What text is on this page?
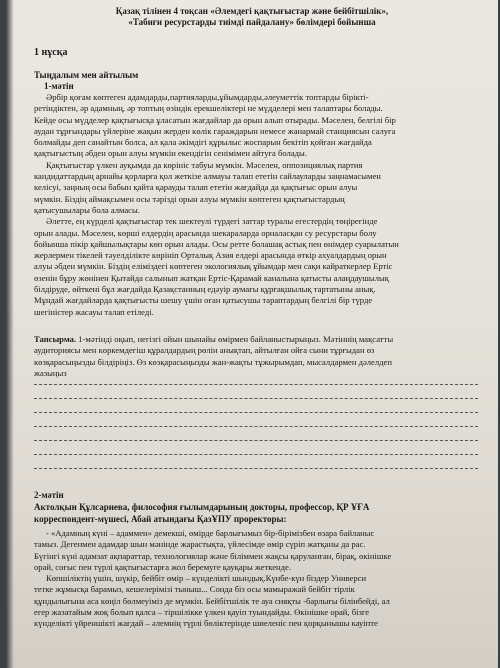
Қазақ тілінен 4 тоқсан «Әлемдегі қақтығыстар және бейбітшілік»,
«Табиғи ресурстарды тиімді пайдалану» бөлімдері бойынша
1 нұсқа
Тыңдалым мен айтылым
1-мәтін
Әрбір қоғам көптеген адамдарды,партияларды,ұйымдарды,әлеуметтік топтарды біріктi-
ретіндіктен, әр адамның, әр топтың өзіндік ерекшеліктері не мүдделері мен талаптары болады.
Кейде осы мүдделер қақтығысқа ұласатын жағдайлар да орын алып отырады. Мәселен, белгілі бір
аудан тұрғындары үйлеріне жақын жерден көлік гараждарын немесе жанармай станциясын салуға
болмайды деп санайтын болса, ал қала әкімдігі құрылыс жоспарын бекітіп қойған жағдайда
қақтығыстың әбден орын алуы мүмкін екендігін сенімімен айтуға болады.
Қақтығыстар үлкен ауқымда да көрініс табуы мүмкін. Мәселен, оппозициялық партия
кандидаттардың арнайы қорларға қол жеткізе алмауы талап ететін сайлауларды заңнамасымен
келісуі, заңның осы бабын қайта қарауды талап ететін жағдайда да қақтығыс орын алуы
мүмкін. Біздің аймақсымен осы тәрізді орын алуы мүмкін көптеген қақтығыстардың
қатысушылары бола алмасы.
Әлетте, ең күрделі қақтығыстар тек шектеулі түрдегі заттар туралы егестердің төңірегінде
орын алады. Мәселен, көрші елдердің арасында шекараларда орналасқан су ресурстары болу
бойынша пікір қайшылықтары көп орын алады. Осы ретте болашақ астық пен өнімдер суарылатын
жерлермен тікелей тәуелділікте көрініп Орталық Азия елдері арасында өткір ахуалдардың орын
алуы әбден мүмкін. Біздің еліміздегі көптеген экологиялық ұйымдар мен сақи кайраткерлер Ертіс
өзенін бұру жөнінен Қытайда салынып жатқан Ертіс-Қарамай каналына қатысты алаңдаушылық
білдіруде, өйткені бұл жағдайда Қазақстанның едәуір аумағы құрғақшылық тартатыны анық.
Мұндай жағдайларда қақтығысты шешу үшін оған қатысушы тараптардың белгілі бір түрде
шегіністер жасауы талап етіледі.
Тапсырма. 1-мәтінді оқып, негізгі ойын шынайы өмірмен байланыстырыңыз. Мәтіннің мақсатты
аудиториясы мен көркемдегіш құралдардың рөлін анықтап, айтылған ойға сыни тұрғыдан өз
көзқарасыңызды білдіріңіз. Өз көзқарасыңызды жан-жақты тұжырымдап, мысалдармен дәлелдеп
жазыңыз
2-мәтін
Актолқын Құлсариева, философия ғылымдарының докторы, профессор, ҚР ҰҒА
корреспондент-мүшесі, Абай атындағы ҚазҰПУ проректоры:
- «Адамның күні – адаммен» демекші, өмірде барлығымыз бір-бірімізбен өзара байланыс
тамыз. Дегенмен адамдар шын мәнінде жарастықта, үйлесімде өмір сүріп жатқаны да рас.
Бүгінгі күні адамзат ақпараттар, технологиялар және біліммен жақсы қаруланған, бірақ, өкінішке
орай, соғыс пен түрлі қақтығыстарға жол беремуге қауқары жеткенде.
Көпшіліктің үшін, шүкір, бейбіт өмір – күнделікті шындық.Күнбе-күн біздер Универси
тетке жұмысқа барамыз, кешелерімізі тыныш... Сонда біз осы мамыражай бейбіт тірлік
құндылығына аса көңіл бөлмеуіміз де мүмкін. Бейбітшілік те ауа сияқты -барлығы білінбейді, ал
егер жазатайым жоқ болып қалса – тіршілікке үлкен қауіп туындайды. Өкінішке орай, бізге
күнделікті үйреншікті жағдай – әлемнің түрлі бөліктеріндe шиеленіс пен қорқынышы кауіпте
